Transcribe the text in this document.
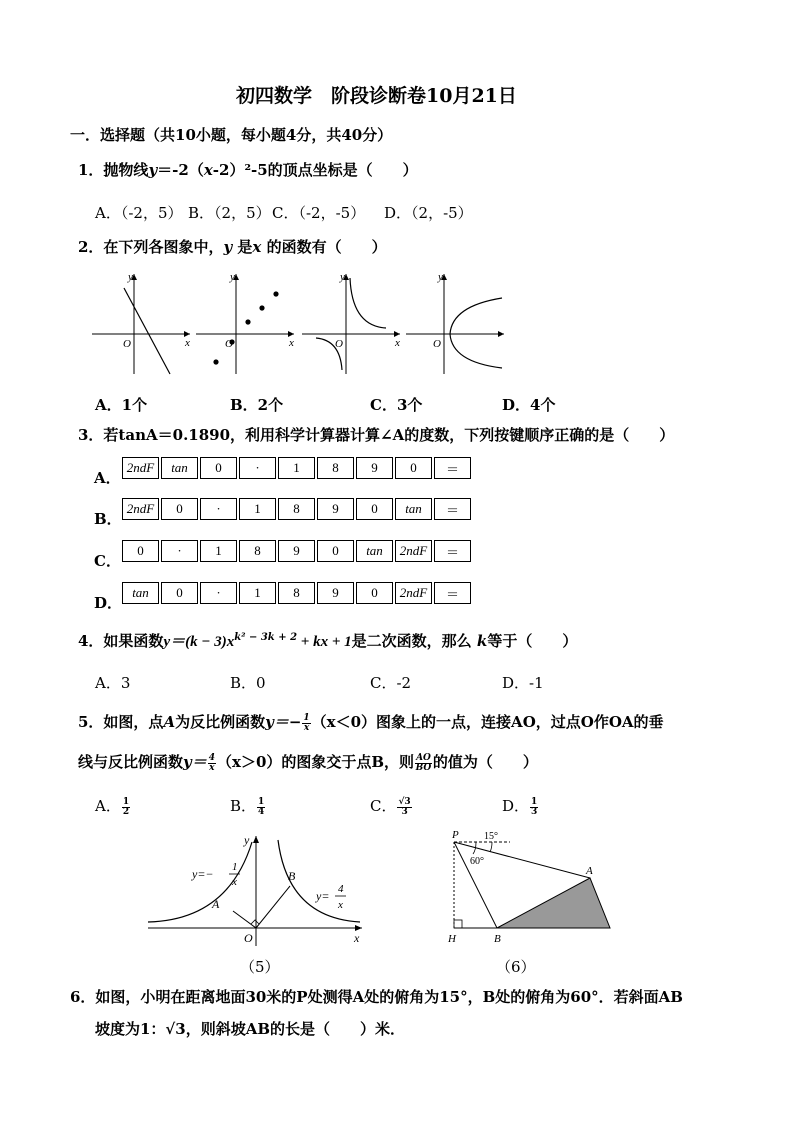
初四数学　阶段诊断卷10月21日
一．选择题（共10小题，每小题4分，共40分）
1．抛物线y＝-2（x-2）²-5的顶点坐标是（　　）
A．（-2，5） B．（2，5） C．（-2，-5） D．（2，-5）
2．在下列各图象中，y 是x 的函数有（　　）
y
x
O
y
x
O
y
x
O
y
O
A．1个	B．2个	C．3个	D．4个
3．若tanA＝0.1890，利用科学计算器计算∠A的度数，下列按键顺序正确的是（　　）
A．
2ndF	tan	0	·	1	8	9	0	＝
B．
2ndF	0	·	1	8	9	0	tan	＝
C．
0	·	1	8	9	0	tan	2ndF	＝
D．
tan	0	·	1	8	9	0	2ndF	＝
4．如果函数$y=(k - 3)x^{k^2 - 3k + 2}$ + kx + 1是二次函数，那么 k等于（　　）
A．3	B．0	C．-2	D．-1
5．如图，点A为反比例函数$y=- \frac{1}{x} (x<0)$图象上的一点，连接AO，过点O作OA的垂
线与反比例函数$y= \frac{4}{x} (x>0)$的图象交于点B，则 $\frac{AO}{BO}$ 的值为（　　）
A． $\frac{1}{2}$	B． $\frac{1}{4}$	C． $\frac{√3}{3}$	D． $\frac{1}{3}$
A
B
O	x
y
y=− 1
x
y= 4
x
（5）
P
A
B
H
15°
60°
（6）
6．如图，小明在距离地面30米的P处测得A处的俯角为15°，B处的俯角为60°．若斜面AB
坡度为1：√3，则斜坡AB的长是（　　）米．
